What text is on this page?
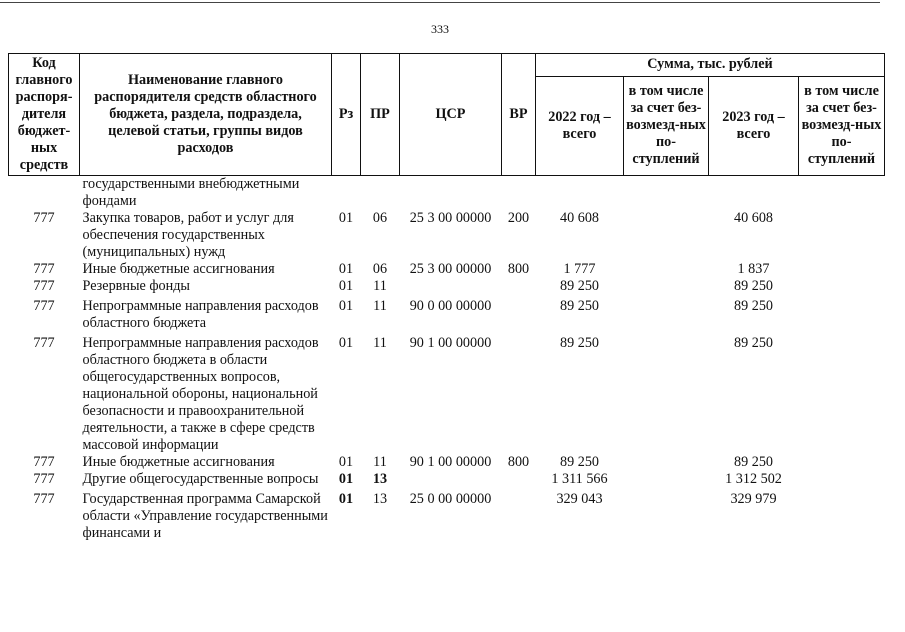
333
Код главного распоря-дителя бюджет-ных средств	Наименование главного распорядителя средств областного бюджета, раздела, подраздела, целевой статьи, группы видов расходов	Рз	ПР	ЦСР	ВР	Сумма, тыс. рублей			
						2022 год – всего	в том числе за счет без-возмезд-ных по-ступлений	2023 год – всего	в том числе за счет без-возмезд-ных по-ступлений
	государственными внебюджетными фондами								
777	Закупка товаров, работ и услуг для обеспечения государственных (муниципальных) нужд	01	06	25 3 00 00000	200	40 608		40 608	
777	Иные бюджетные ассигнования	01	06	25 3 00 00000	800	1 777		1 837	
777	Резервные фонды	01	11			89 250		89 250	
777	Непрограммные направления расходов областного бюджета	01	11	90 0 00 00000		89 250		89 250	
777	Непрограммные направления расходов областного бюджета в области общегосударственных вопросов, национальной обороны, национальной безопасности и правоохранительной деятельности, а также в сфере средств массовой информации	01	11	90 1 00 00000		89 250		89 250	
777	Иные бюджетные ассигнования	01	11	90 1 00 00000	800	89 250		89 250	
777	Другие общегосударственные вопросы	01	13			1 311 566		1 312 502	
777	Государственная программа Самарской области «Управление государственными финансами и	01	13	25 0 00 00000		329 043		329 979	
